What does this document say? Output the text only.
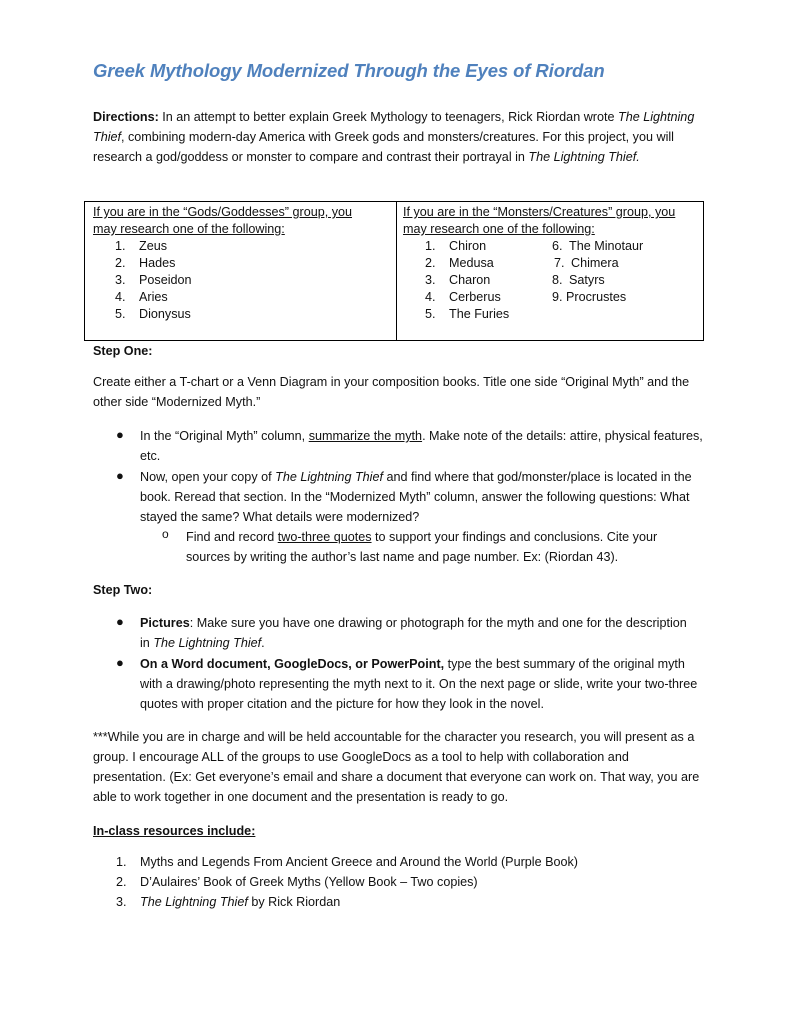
Greek Mythology Modernized Through the Eyes of Riordan
Directions: In an attempt to better explain Greek Mythology to teenagers, Rick Riordan wrote The Lightning Thief, combining modern-day America with Greek gods and monsters/creatures. For this project, you will research a god/goddess or monster to compare and contrast their portrayal in The Lightning Thief.
If you are in the “Gods/Goddesses” group, you
may research one of the following:
If you are in the “Monsters/Creatures” group, you
may research one of the following:
1. Zeus
2. Hades
3. Poseidon
4. Aries
5. Dionysus
1. Chiron
2. Medusa
3. Charon
4. Cerberus
5. The Furies
6. The Minotaur
7. Chimera
8. Satyrs
9. Procrustes
Step One:
Create either a T-chart or a Venn Diagram in your composition books. Title one side “Original Myth” and the other side “Modernized Myth.”
● In the “Original Myth” column, summarize the myth. Make note of the details: attire, physical features, etc.
● Now, open your copy of The Lightning Thief and find where that god/monster/place is located in the book. Reread that section. In the “Modernized Myth” column, answer the following questions: What stayed the same? What details were modernized?
o Find and record two-three quotes to support your findings and conclusions. Cite your sources by writing the author’s last name and page number. Ex: (Riordan 43).
Step Two:
● Pictures: Make sure you have one drawing or photograph for the myth and one for the description in The Lightning Thief.
● On a Word document, GoogleDocs, or PowerPoint, type the best summary of the original myth with a drawing/photo representing the myth next to it. On the next page or slide, write your two-three quotes with proper citation and the picture for how they look in the novel.
***While you are in charge and will be held accountable for the character you research, you will present as a group. I encourage ALL of the groups to use GoogleDocs as a tool to help with collaboration and presentation. (Ex: Get everyone’s email and share a document that everyone can work on. That way, you are able to work together in one document and the presentation is ready to go.
In-class resources include:
1. Myths and Legends From Ancient Greece and Around the World (Purple Book)
2. D’Aulaires’ Book of Greek Myths (Yellow Book – Two copies)
3. The Lightning Thief by Rick Riordan
